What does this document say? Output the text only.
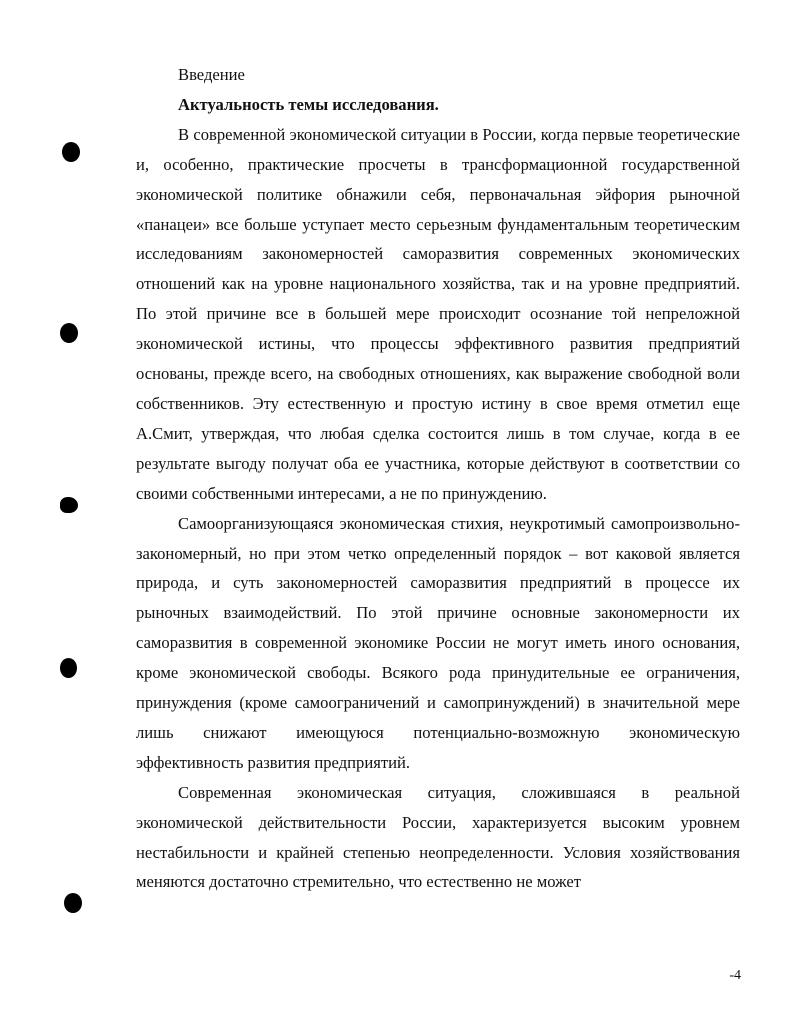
Введение

Актуальность темы исследования.

В современной экономической ситуации в России, когда первые теоретические и, особенно, практические просчеты в трансформационной государственной экономической политике обнажили себя, первоначальная эйфория рыночной «панацеи» все больше уступает место серьезным фундаментальным теоретическим исследованиям закономерностей саморазвития современных экономических отношений как на уровне национального хозяйства, так и на уровне предприятий. По этой причине все в большей мере происходит осознание той непреложной экономической истины, что процессы эффективного развития предприятий основаны, прежде всего, на свободных отношениях, как выражение свободной воли собственников. Эту естественную и простую истину в свое время отметил еще А.Смит, утверждая, что любая сделка состоится лишь в том случае, когда в ее результате выгоду получат оба ее участника, которые действуют в соответствии со своими собственными интересами, а не по принуждению.

Самоорганизующаяся экономическая стихия, неукротимый самопроизвольно-закономерный, но при этом четко определенный порядок – вот каковой является природа, и суть закономерностей саморазвития предприятий в процессе их рыночных взаимодействий. По этой причине основные закономерности их саморазвития в современной экономике России не могут иметь иного основания, кроме экономической свободы. Всякого рода принудительные ее ограничения, принуждения (кроме самоограничений и самопринуждений) в значительной мере лишь снижают имеющуюся потенциально-возможную экономическую эффективность развития предприятий.

Современная экономическая ситуация, сложившаяся в реальной экономической действительности России, характеризуется высоким уровнем нестабильности и крайней степенью неопределенности. Условия хозяйствования меняются достаточно стремительно, что естественно не может

-4
